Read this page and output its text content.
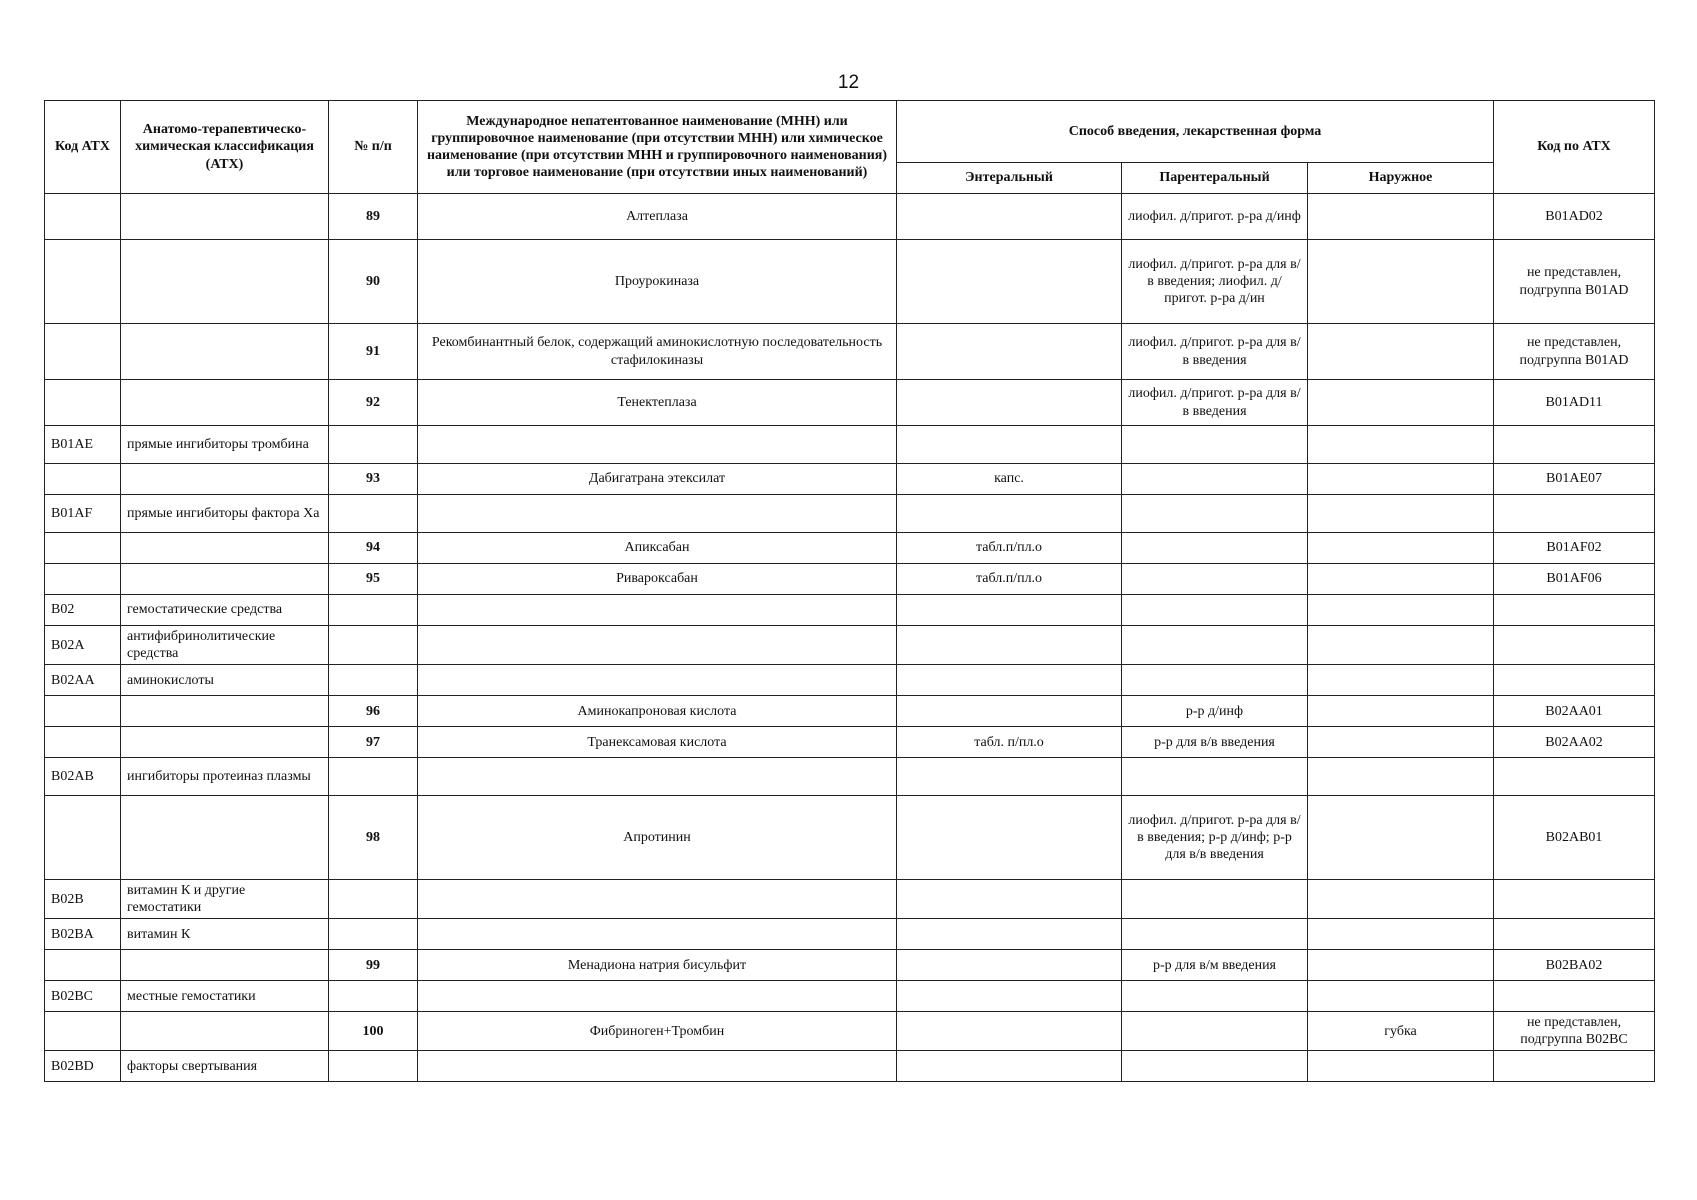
12
Код АТХ	Анатомо-терапевтическо-химическая классификация (АТХ)	№ п/п	Международное непатентованное наименование (МНН) или группировочное наименование (при отсутствии МНН) или химическое наименование (при отсутствии МНН и группировочного наименования) или торговое наименование (при отсутствии иных наименований)	Способ введения, лекарственная форма			Код по АТХ
				Энтеральный	Парентеральный	Наружное	
		89	Алтеплаза		лиофил. д/пригот. р-ра д/инф		B01AD02
		90	Проурокиназа		лиофил. д/пригот. р-ра для в/в введения; лиофил. д/пригот. р-ра д/ин		не представлен, подгруппа B01AD
		91	Рекомбинантный белок, содержащий аминокислотную последовательность стафилокиназы		лиофил. д/пригот. р-ра для в/в введения		не представлен, подгруппа B01AD
		92	Тенектеплаза		лиофил. д/пригот. р-ра для в/в введения		B01AD11
B01AE	прямые ингибиторы тромбина						
		93	Дабигатрана этексилат	капс.			B01AE07
B01AF	прямые ингибиторы фактора Ха						
		94	Апиксабан	табл.п/пл.о			B01AF02
		95	Ривароксабан	табл.п/пл.о			B01AF06
B02	гемостатические средства						
B02A	антифибринолитические средства						
B02AA	аминокислоты						
		96	Аминокапроновая кислота		р-р д/инф		B02AA01
		97	Транексамовая кислота	табл. п/пл.о	р-р для в/в введения		B02AA02
B02AB	ингибиторы протеиназ плазмы						
		98	Апротинин		лиофил. д/пригот. р-ра для в/в введения; р-р д/инф; р-р для в/в введения		B02AB01
B02B	витамин К и другие гемостатики						
B02BA	витамин К						
		99	Менадиона натрия бисульфит		р-р для в/м введения		B02BA02
B02BC	местные гемостатики						
		100	Фибриноген+Тромбин			губка	не представлен, подгруппа B02BC
B02BD	факторы свертывания						
